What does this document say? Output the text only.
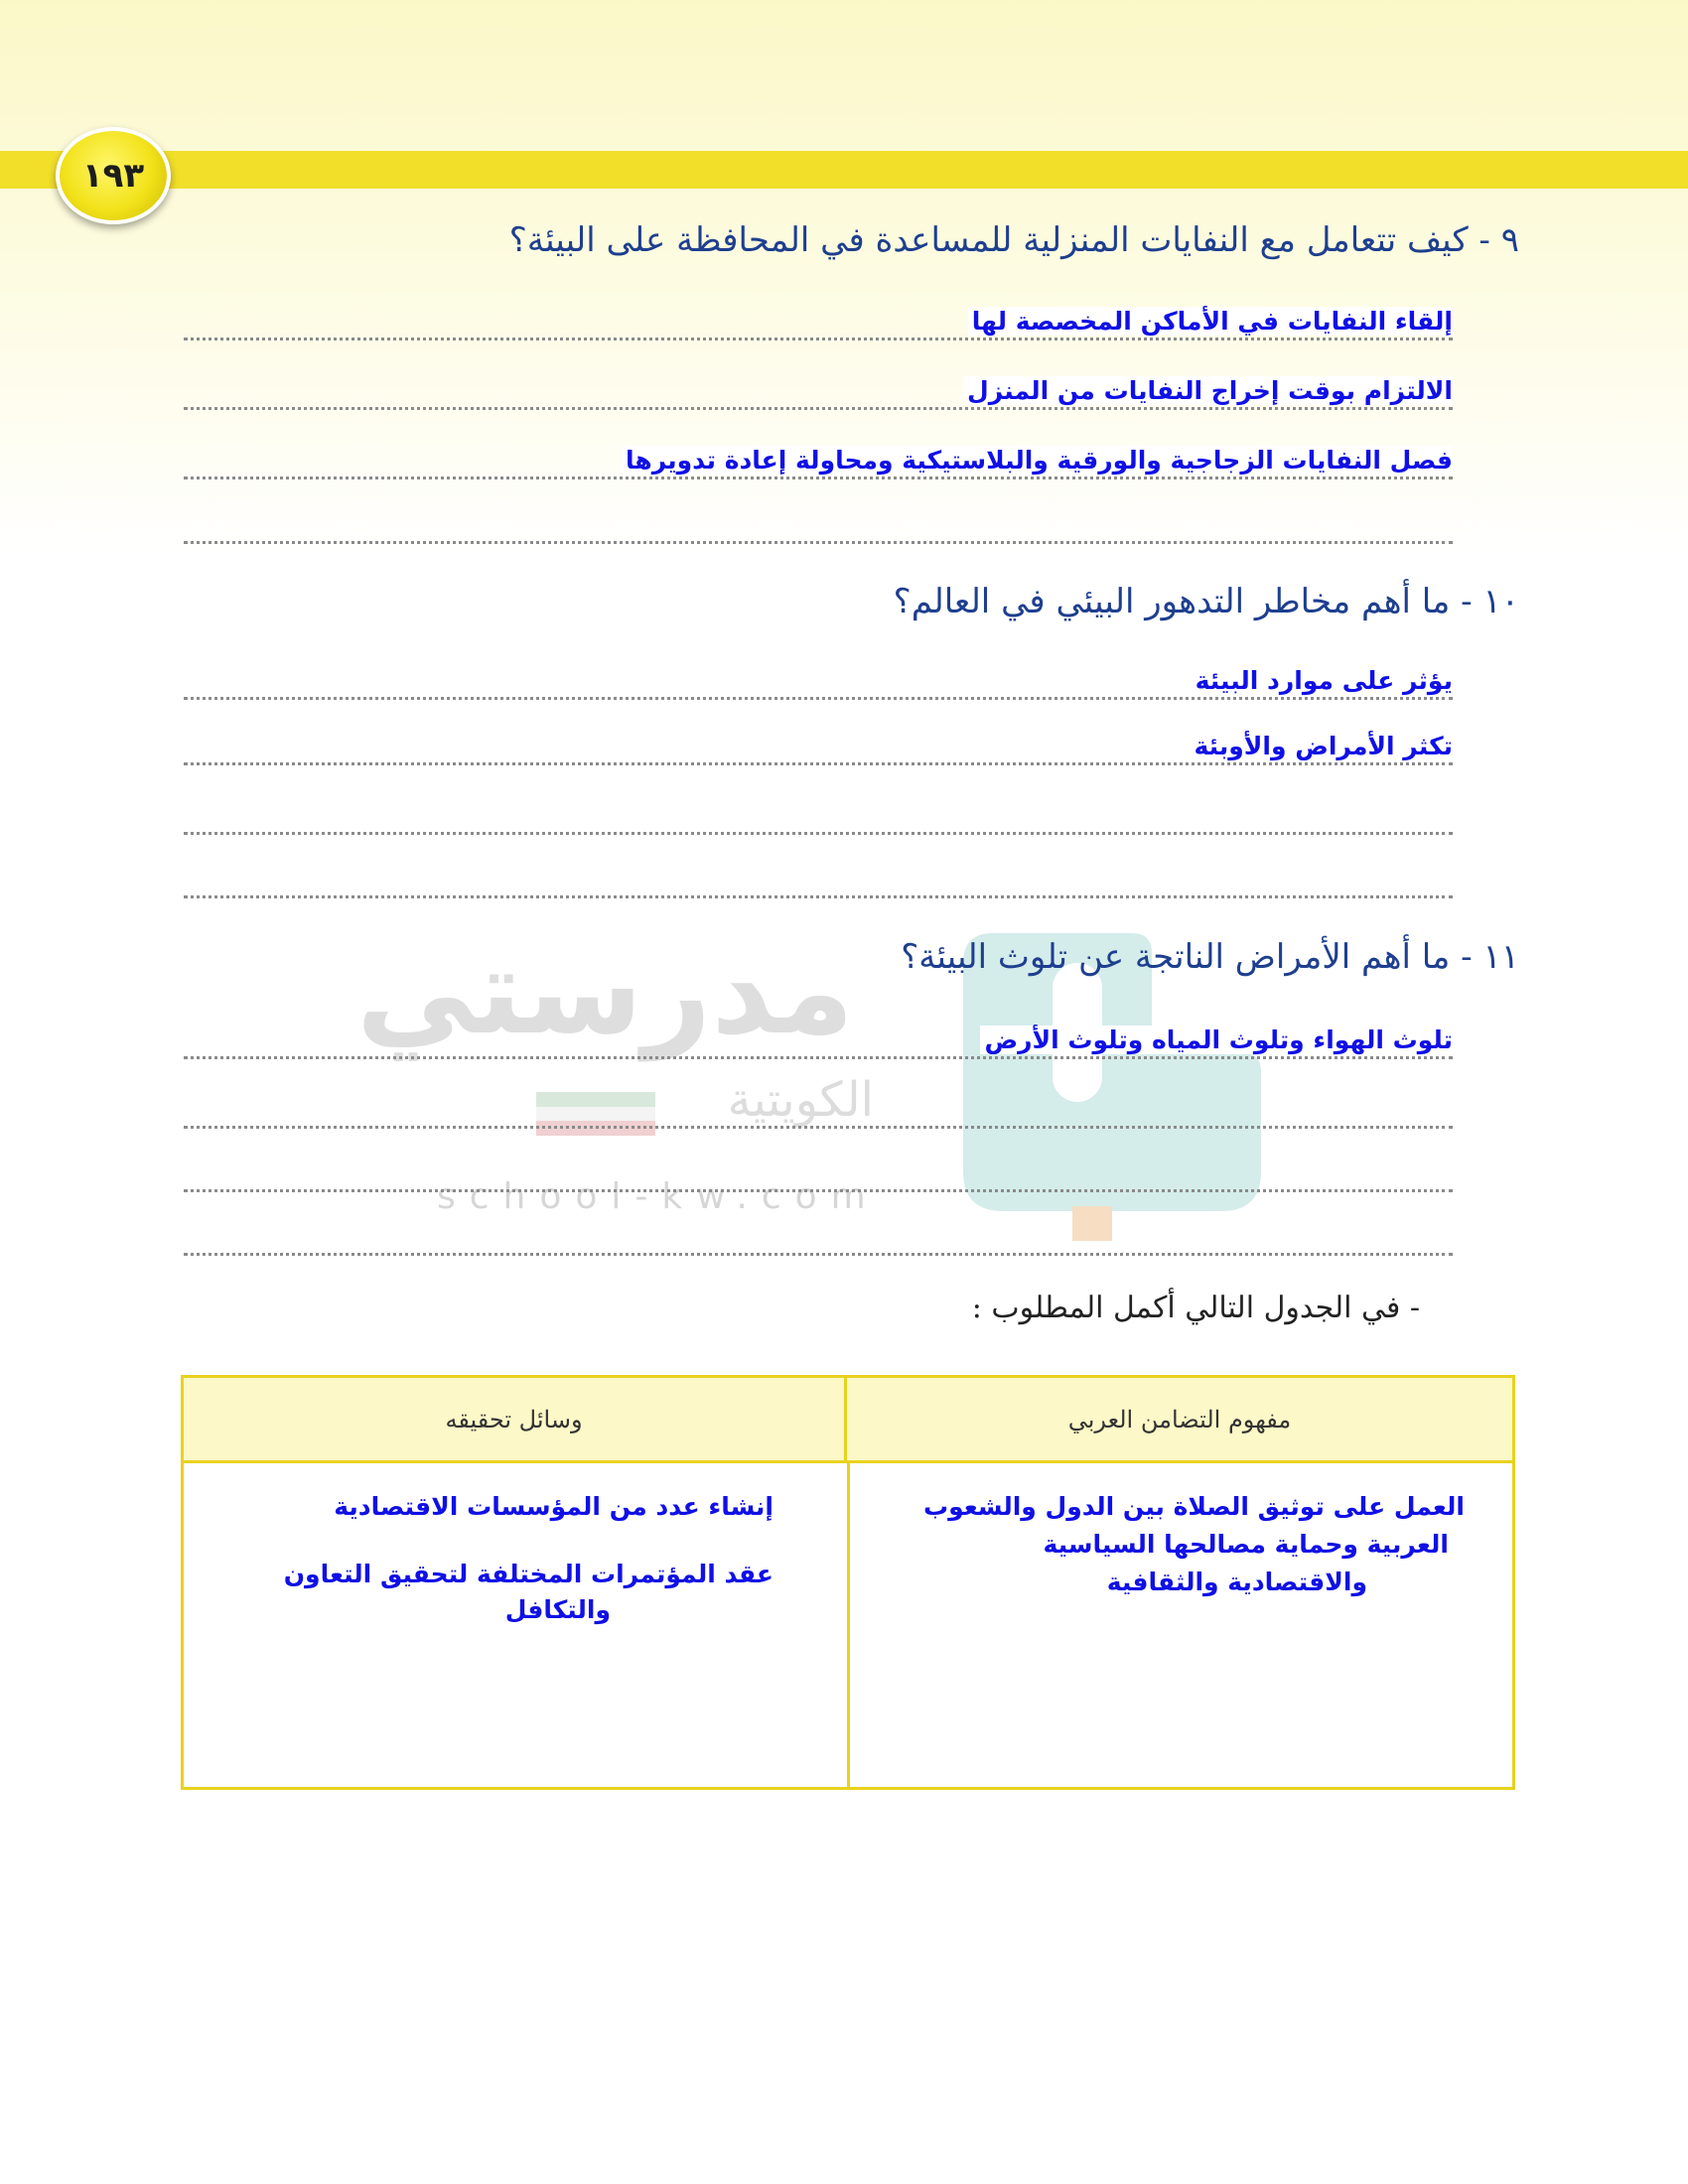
١٩٣
مدرستي
الكويتية
school-kw.com
٩ - كيف تتعامل مع النفايات المنزلية للمساعدة في المحافظة على البيئة؟
إلقاء النفايات في الأماكن المخصصة لها
الالتزام بوقت إخراج النفايات من المنزل
فصل النفايات الزجاجية والورقية والبلاستيكية ومحاولة إعادة تدويرها
١٠ - ما أهم مخاطر التدهور البيئي في العالم؟
يؤثر على موارد البيئة
تكثر الأمراض والأوبئة
١١ - ما أهم الأمراض الناتجة عن تلوث البيئة؟
تلوث الهواء وتلوث المياه وتلوث الأرض
- في الجدول التالي أكمل المطلوب :
مفهوم التضامن العربي
وسائل تحقيقه
العمل على توثيق الصلاة بين الدول والشعوب
العربية وحماية مصالحها السياسية
والاقتصادية والثقافية
إنشاء عدد من المؤسسات الاقتصادية
عقد المؤتمرات المختلفة لتحقيق التعاون
والتكافل
